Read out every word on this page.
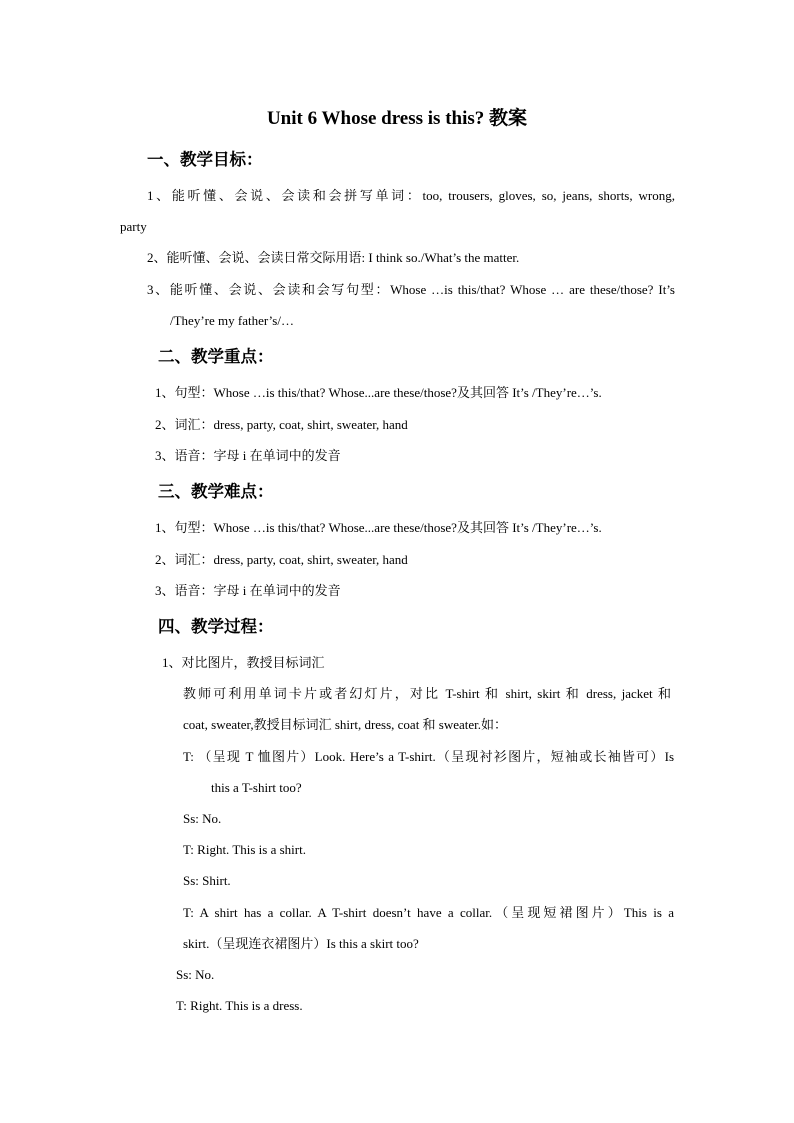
Unit 6 Whose dress is this? 教案
一、教学目标：
1、能听懂、会说、会读和会拼写单词：too, trousers, gloves, so, jeans, shorts, wrong,
party
2、能听懂、会说、会读日常交际用语: I think so./What’s the matter.
3、能听懂、会说、会读和会写句型：Whose …is this/that? Whose … are these/those? It’s
/They’re my father’s/…
二、教学重点：
1、句型：Whose …is this/that? Whose...are these/those?及其回答 It’s /They’re…’s.
2、词汇：dress, party, coat, shirt, sweater, hand
3、语音：字母 i 在单词中的发音
三、教学难点：
1、句型：Whose …is this/that? Whose...are these/those?及其回答 It’s /They’re…’s.
2、词汇：dress, party, coat, shirt, sweater, hand
3、语音：字母 i 在单词中的发音
四、教学过程：
1、对比图片，教授目标词汇
教师可利用单词卡片或者幻灯片，对比 T-shirt 和 shirt, skirt 和 dress, jacket 和
coat, sweater,教授目标词汇 shirt, dress, coat 和 sweater.如：
T: （呈现 T 恤图片）Look. Here’s a T-shirt.（呈现衬衫图片，短袖或长袖皆可）Is
this a T-shirt too?
Ss: No.
T: Right. This is a shirt.
Ss: Shirt.
T: A shirt has a collar. A T-shirt doesn’t have a collar.（呈现短裙图片）This is a
skirt.（呈现连衣裙图片）Is this a skirt too?
Ss: No.
T: Right. This is a dress.
